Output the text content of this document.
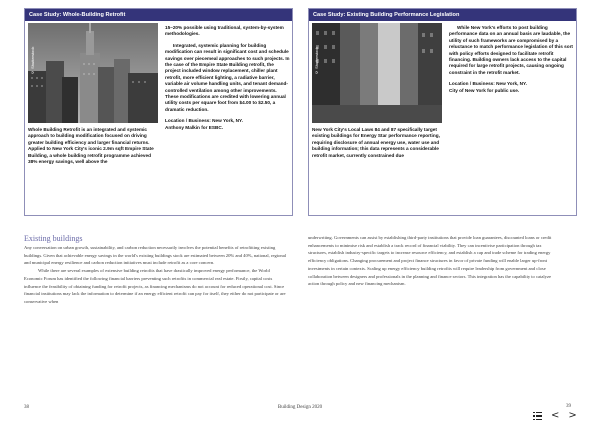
Case Study: Whole-Building Retrofit
© Shutterstock
Whole Building Retrofit is an integrated and systemic approach to building modification focused on driving greater building efficiency and larger financial returns. Applied to New York City's iconic 2.9m sqft Empire State Building, a whole building retrofit programme achieved 38% energy savings, well above the

15–20% possible using traditional, system-by-system methodologies.

Integrated, systemic planning for building modification can result in significant cost and schedule savings over piecemeal approaches to such projects. In the case of the Empire State Building retrofit, the project included window replacement, chiller plant retrofit, more efficient lighting, a radiative barrier, variable air volume handling units, and tenant demand-controlled ventilation among other improvements. These modifications are credited with lowering annual utility costs per square foot from $4.00 to $2.50, a dramatic reduction.

Location / Business: New York, NY.
Anthony Malkin for ESBC.
Case Study: Existing Building Performance Legislation
© Shutterstock
New York City's Local Laws 84 and 87 specifically target existing buildings for Energy Star performance reporting, requiring disclosure of annual energy use, water use and building information; this data represents a considerable retrofit market, currently constrained due

While New York's efforts to post building performance data on an annual basis are laudable, the utility of such frameworks are compromised by a reluctance to match performance legislation of this sort with policy efforts designed to facilitate retrofit financing. Building owners lack access to the capital required for large retrofit projects, causing ongoing constraint in the retrofit market.

Location / Business: New York, NY.
City of New York for public use.
Existing buildings

Any conversation on urban growth, sustainability, and carbon reduction necessarily involves the potential benefits of retrofitting existing buildings. Given that achievable energy savings in the world's existing buildings stock are estimated between 20% and 40%, national, regional and municipal energy resilience and carbon reduction initiatives must include retrofit as a core concern.

While there are several examples of extensive building retrofits that have drastically improved energy performance, the World Economic Forum has identified the following financial barriers preventing such retrofits in commercial real estate. Firstly, capital costs influence the feasibility of obtaining funding for retrofit projects, as financing mechanisms do not account for reduced operational cost. Since financial institutions may lack the information to determine if an energy efficient retrofit can pay for itself, they either do not participate or are conservative when

underwriting. Governments can assist by establishing third-party institutions that provide loan guarantees, discounted loans or credit enhancements to minimise risk and establish a track record of financial viability. They can incentivise participation through tax structures, establish industry-specific targets to increase resource efficiency, and establish a cap and trade scheme for trading energy efficiency obligations. Changing procurement and project finance structures in favor of private funding will enable larger up-front investments in certain contexts. Scaling up energy efficiency building retrofits will require leadership from government and close collaboration between designers and professionals in the planning and finance sectors. This integration has the capability to catalyze action through policy and new financing mechanism.

38	Building Design 2020	39
< >
